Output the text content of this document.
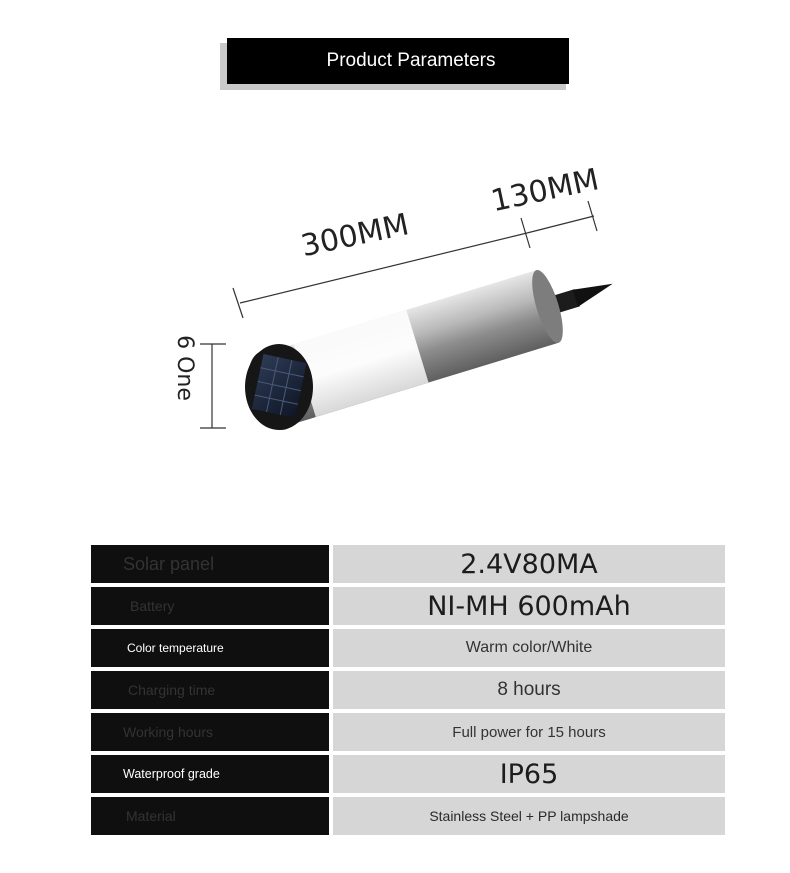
Product Parameters
300MM
130MM
6 One
Solar panel	2.4V80MA
Battery	NI-MH 600mAh
Color temperature	Warm color/White
Charging time	8 hours
Working hours	Full power for 15 hours
Waterproof grade	IP65
Material	Stainless Steel + PP lampshade
